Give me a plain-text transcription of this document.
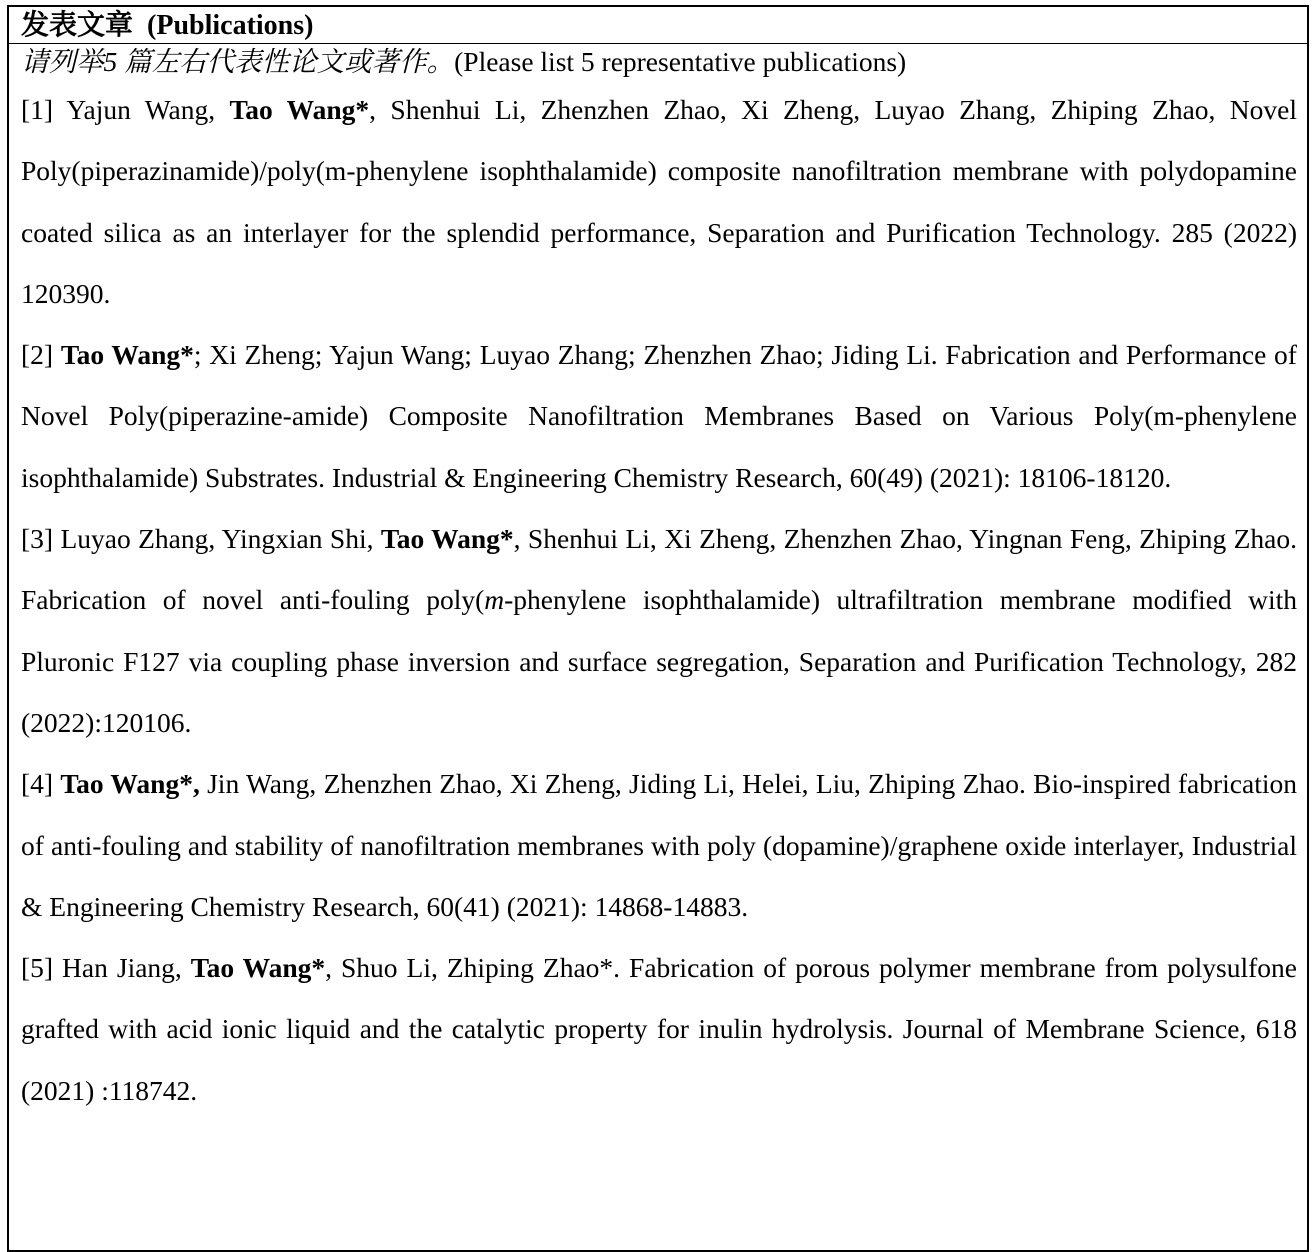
发表文章 (Publications)
请列举5 篇左右代表性论文或著作。(Please list 5 representative publications)

[1] Yajun Wang, Tao Wang*, Shenhui Li, Zhenzhen Zhao, Xi Zheng, Luyao Zhang, Zhiping Zhao, Novel Poly(piperazinamide)/poly(m-phenylene isophthalamide) composite nanofiltration membrane with polydopamine coated silica as an interlayer for the splendid performance, Separation and Purification Technology. 285 (2022) 120390.

[2] Tao Wang*; Xi Zheng; Yajun Wang; Luyao Zhang; Zhenzhen Zhao; Jiding Li. Fabrication and Performance of Novel Poly(piperazine-amide) Composite Nanofiltration Membranes Based on Various Poly(m-phenylene isophthalamide) Substrates. Industrial & Engineering Chemistry Research, 60(49) (2021): 18106-18120.

[3] Luyao Zhang, Yingxian Shi, Tao Wang*, Shenhui Li, Xi Zheng, Zhenzhen Zhao, Yingnan Feng, Zhiping Zhao. Fabrication of novel anti-fouling poly(m-phenylene isophthalamide) ultrafiltration membrane modified with Pluronic F127 via coupling phase inversion and surface segregation, Separation and Purification Technology, 282 (2022):120106.

[4] Tao Wang*, Jin Wang, Zhenzhen Zhao, Xi Zheng, Jiding Li, Helei, Liu, Zhiping Zhao. Bio-inspired fabrication of anti-fouling and stability of nanofiltration membranes with poly (dopamine)/graphene oxide interlayer, Industrial & Engineering Chemistry Research, 60(41) (2021): 14868-14883.

[5] Han Jiang, Tao Wang*, Shuo Li, Zhiping Zhao*. Fabrication of porous polymer membrane from polysulfone grafted with acid ionic liquid and the catalytic property for inulin hydrolysis. Journal of Membrane Science, 618 (2021) :118742.
